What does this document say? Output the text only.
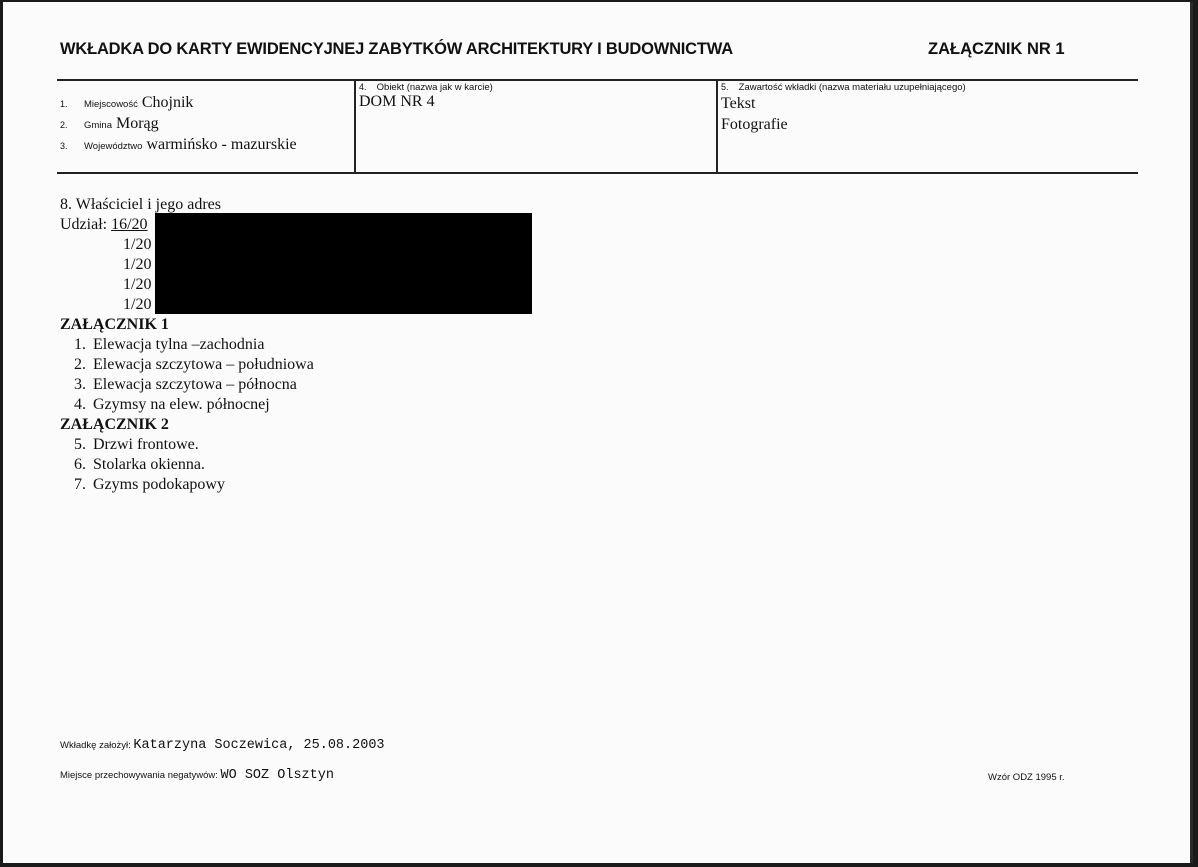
WKŁADKA DO KARTY EWIDENCYJNEJ ZABYTKÓW ARCHITEKTURY I BUDOWNICTWA	ZAŁĄCZNIK NR 1
1. Miejscowość Chojnik
2. Gmina Morąg
3. Województwo warmińsko - mazurskie
4. Obiekt (nazwa jak w karcie)
DOM NR 4
5. Zawartość wkładki (nazwa materiału uzupełniającego)
Tekst
Fotografie
8. Właściciel i jego adres
Udział: 16/20
1/20
1/20
1/20
1/20
ZAŁĄCZNIK 1
1. Elewacja tylna –zachodnia
2. Elewacja szczytowa – południowa
3. Elewacja szczytowa – północna
4. Gzymsy na elew. północnej
ZAŁĄCZNIK 2
5. Drzwi frontowe.
6. Stolarka okienna.
7. Gzyms podokapowy
Wkładkę założył: Katarzyna Soczewica, 25.08.2003
Miejsce przechowywania negatywów: WO SOZ Olsztyn	Wzór ODZ 1995 r.
